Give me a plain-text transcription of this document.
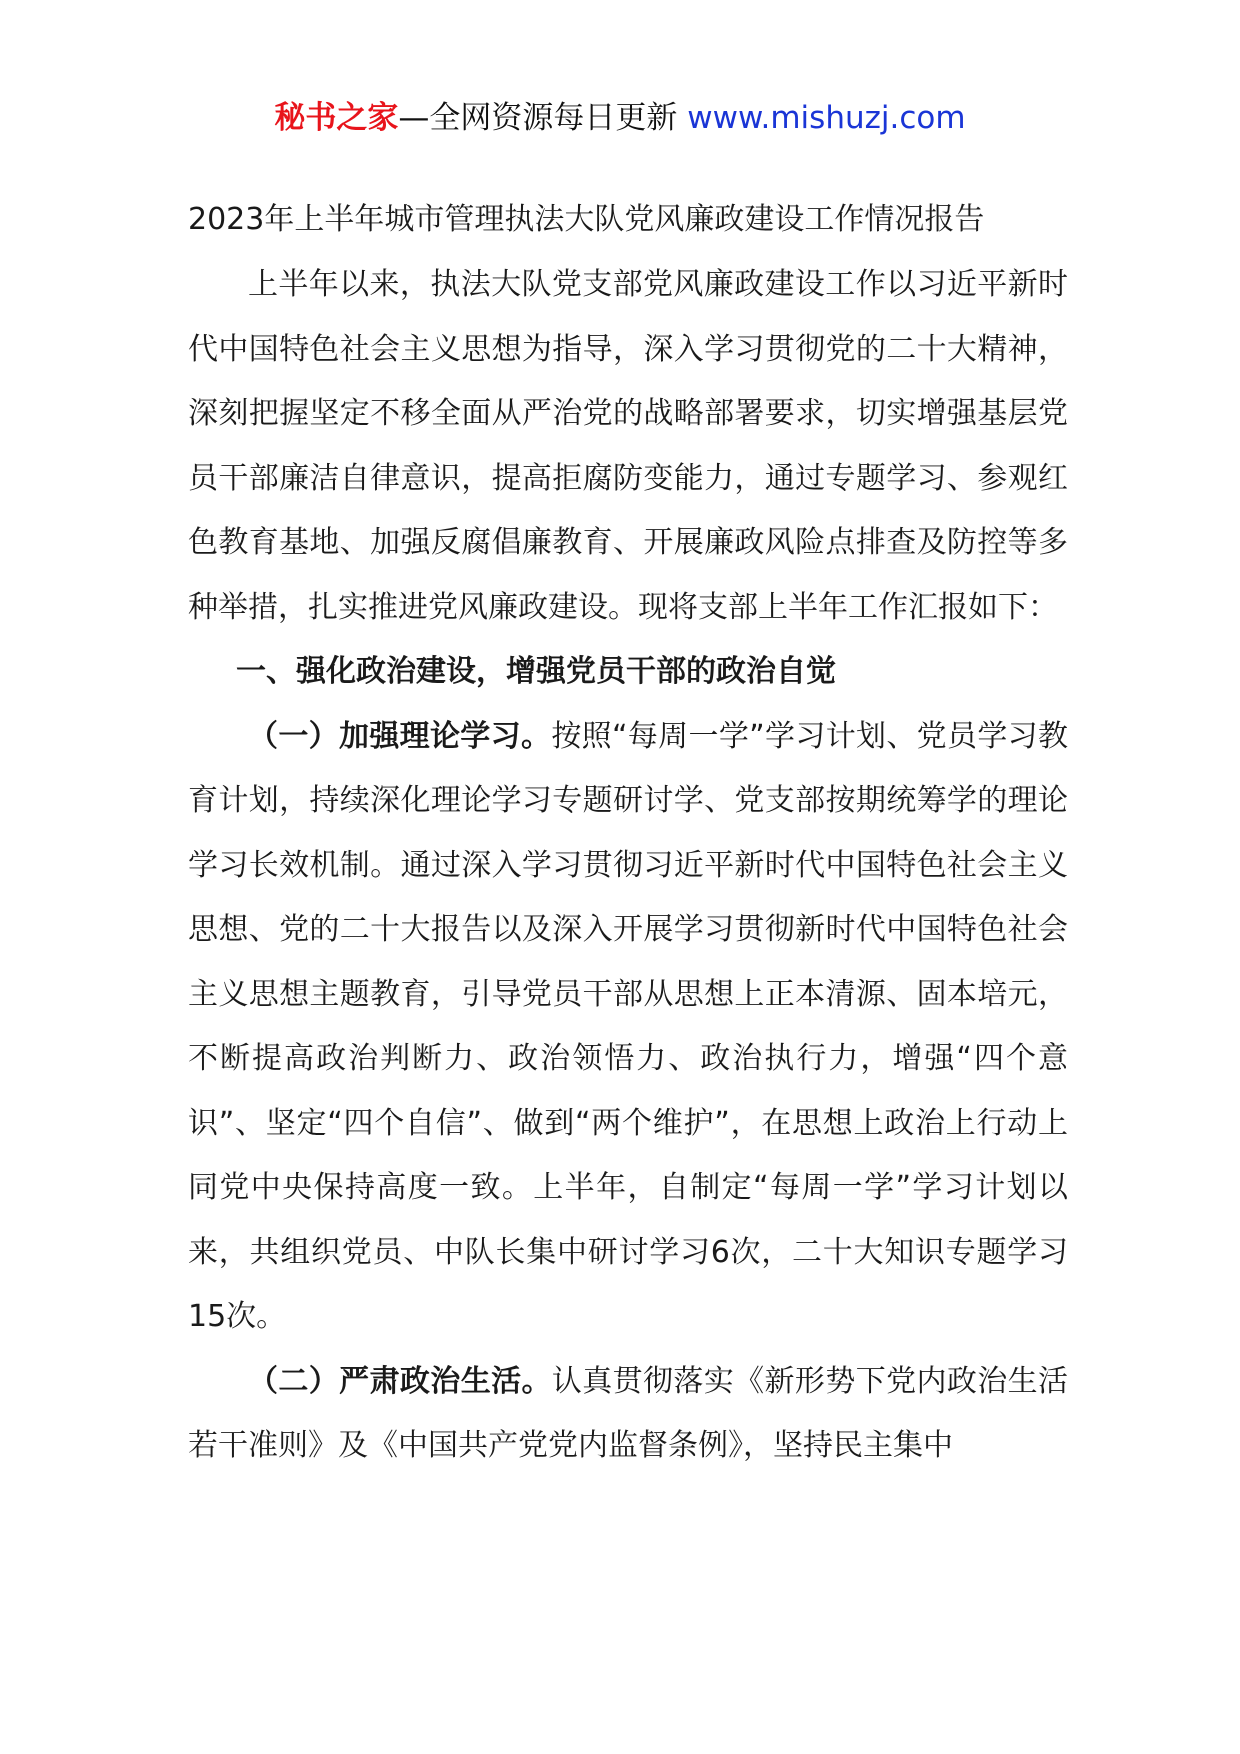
秘书之家—全网资源每日更新 www.mishuzj.com
2023年上半年城市管理执法大队党风廉政建设工作情况报告

上半年以来，执法大队党支部党风廉政建设工作以习近平新时代中国特色社会主义思想为指导，深入学习贯彻党的二十大精神，深刻把握坚定不移全面从严治党的战略部署要求，切实增强基层党员干部廉洁自律意识，提高拒腐防变能力，通过专题学习、参观红色教育基地、加强反腐倡廉教育、开展廉政风险点排查及防控等多种举措，扎实推进党风廉政建设。现将支部上半年工作汇报如下：

一、强化政治建设，增强党员干部的政治自觉

（一）加强理论学习。按照“每周一学”学习计划、党员学习教育计划，持续深化理论学习专题研讨学、党支部按期统筹学的理论学习长效机制。通过深入学习贯彻习近平新时代中国特色社会主义思想、党的二十大报告以及深入开展学习贯彻新时代中国特色社会主义思想主题教育，引导党员干部从思想上正本清源、固本培元，不断提高政治判断力、政治领悟力、政治执行力，增强“四个意识”、坚定“四个自信”、做到“两个维护”，在思想上政治上行动上同党中央保持高度一致。上半年，自制定“每周一学”学习计划以来，共组织党员、中队长集中研讨学习6次，二十大知识专题学习15次。

（二）严肃政治生活。认真贯彻落实《新形势下党内政治生活若干准则》及《中国共产党党内监督条例》，坚持民主集中
